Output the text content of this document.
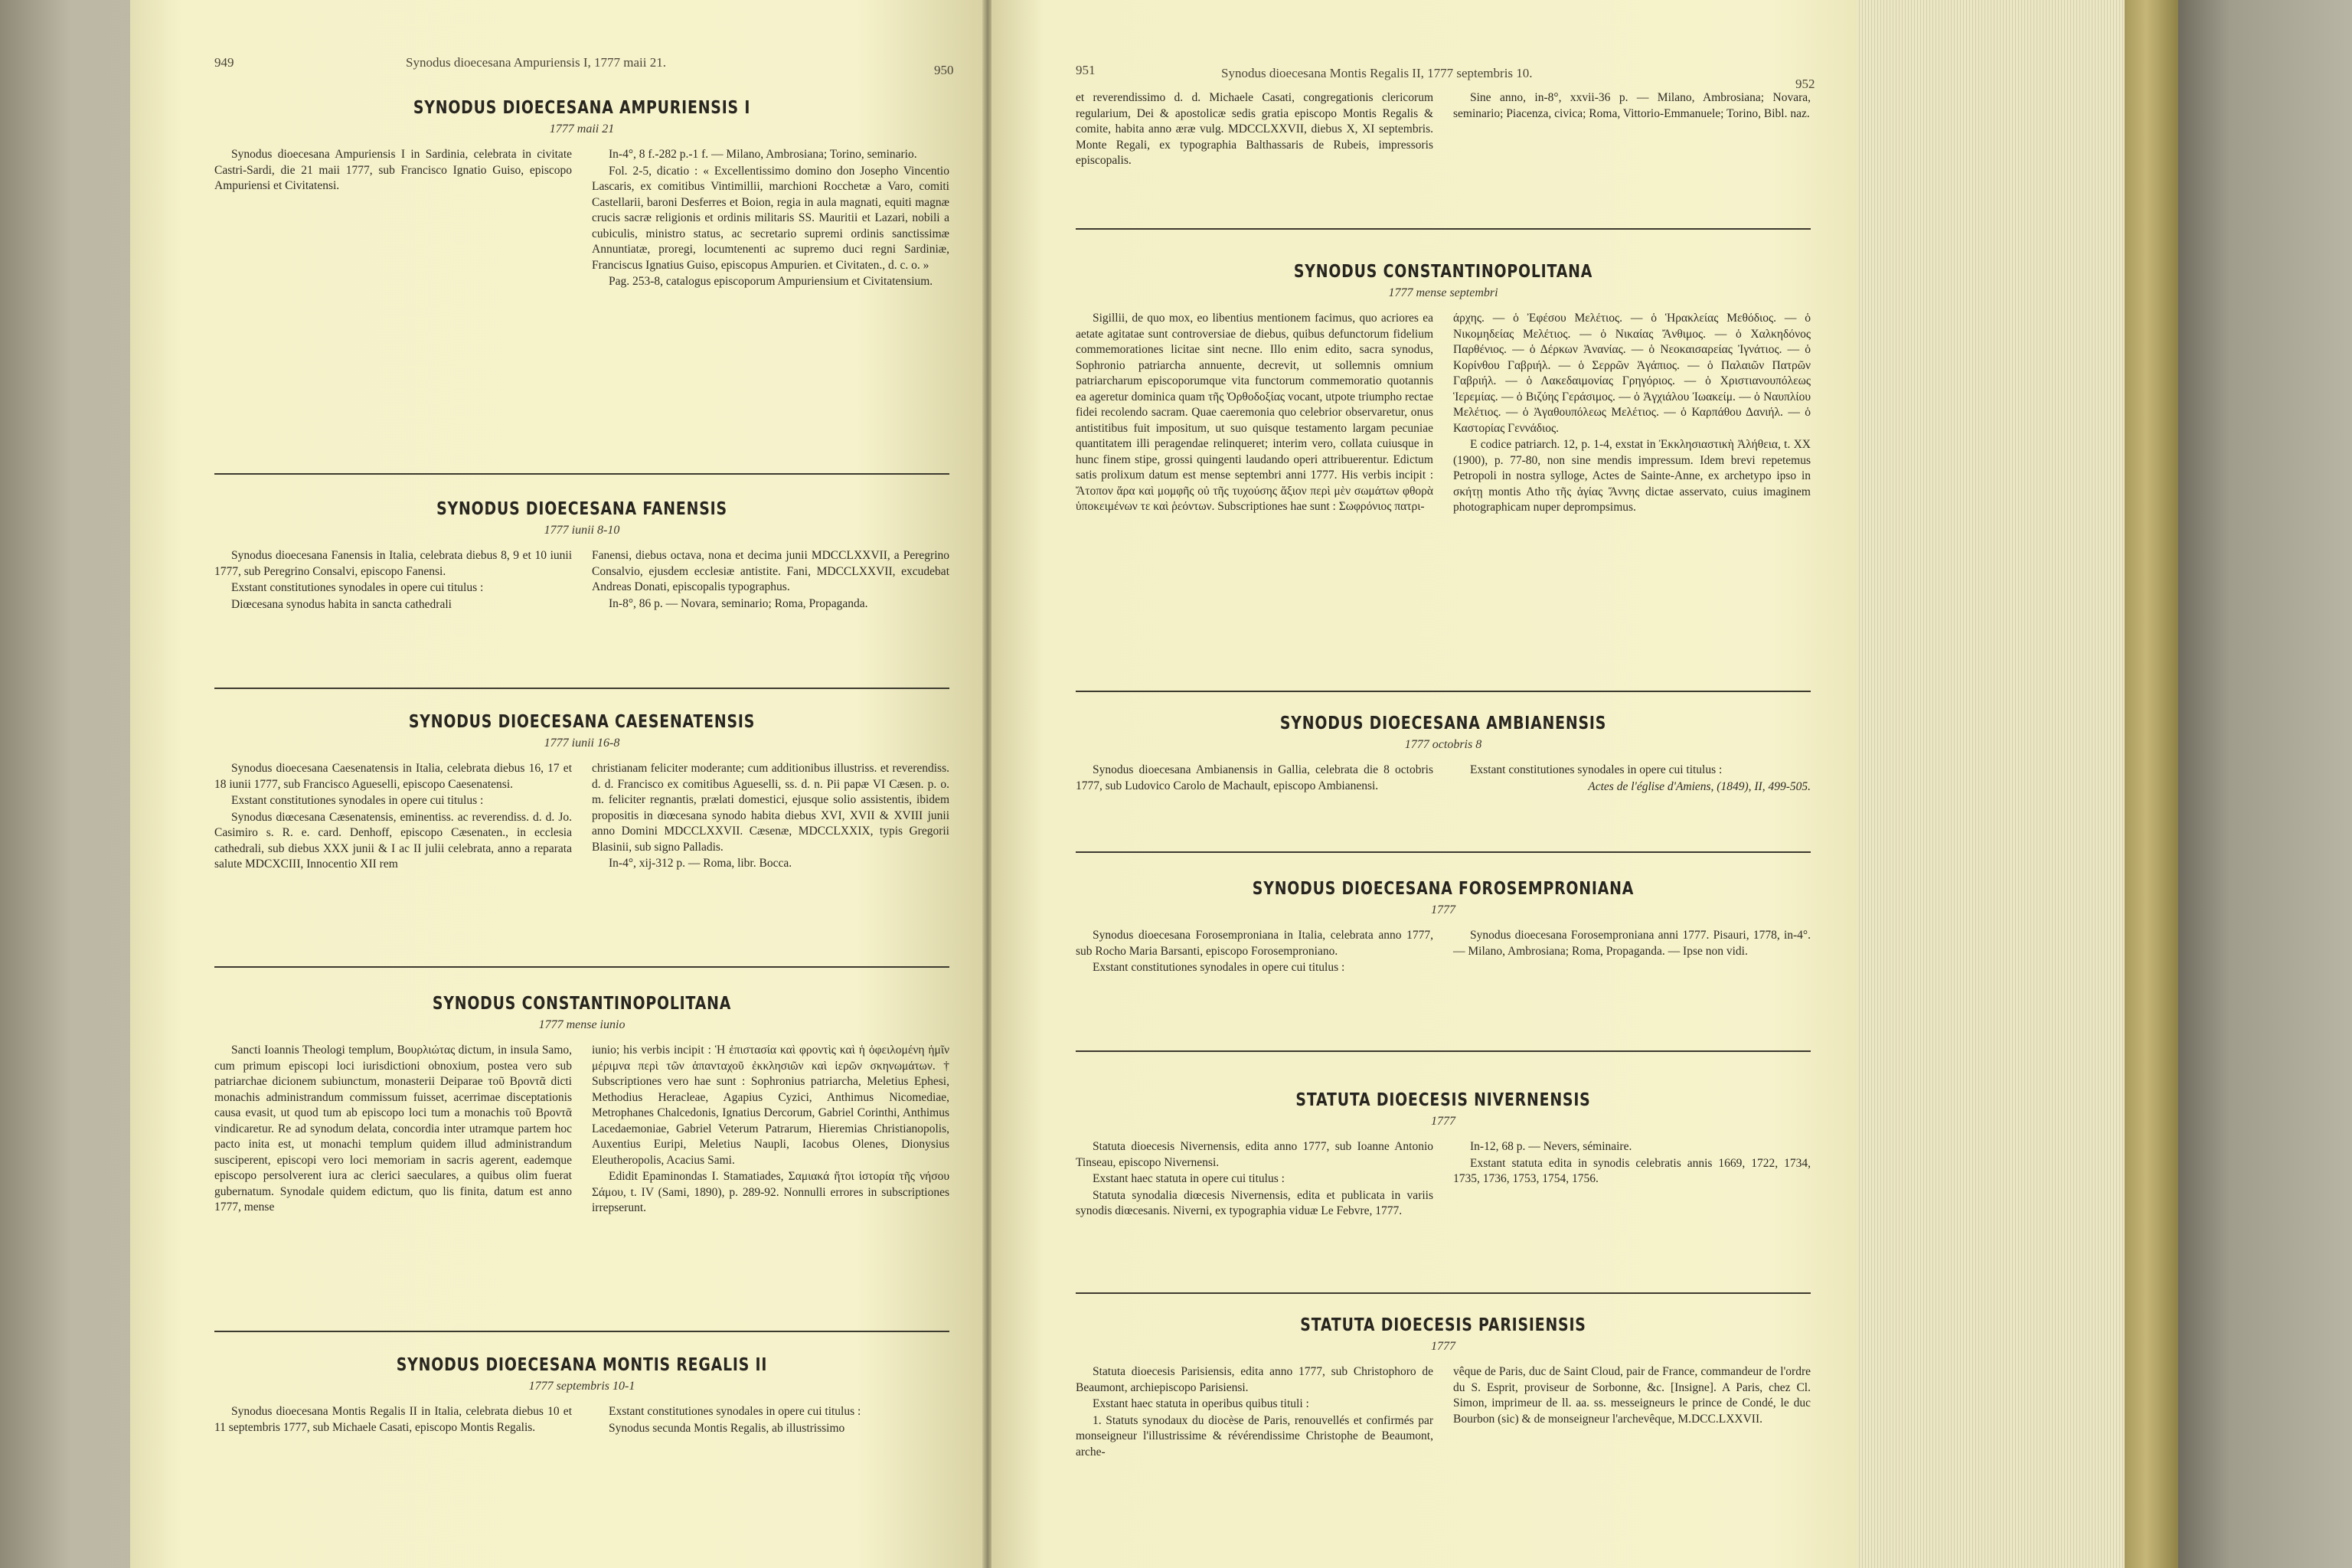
949	Synodus dioecesana Ampuriensis I, 1777 maii 21.
950
SYNODUS DIOECESANA AMPURIENSIS I
1777 maii 21

Synodus dioecesana Ampuriensis I in Sardinia, celebrata in civitate Castri-Sardi, die 21 maii 1777, sub Francisco Ignatio Guiso, episcopo Ampuriensi et Civitatensi.

In-4°, 8 f.-282 p.-1 f. — Milano, Ambrosiana; Torino, seminario.

Fol. 2-5, dicatio : « Excellentissimo domino don Josepho Vincentio Lascaris, ex comitibus Vintimillii, marchioni Rocchetæ a Varo, comiti Castellarii, baroni Desferres et Boion, regia in aula magnati, equiti magnæ crucis sacræ religionis et ordinis militaris SS. Mauritii et Lazari, nobili a cubiculis, ministro status, ac secretario supremi ordinis sanctissimæ Annuntiatæ, proregi, locumtenenti ac supremo duci regni Sardiniæ, Franciscus Ignatius Guiso, episcopus Ampurien. et Civitaten., d. c. o. »

Pag. 253-8, catalogus episcoporum Ampuriensium et Civitatensium.

SYNODUS DIOECESANA FANENSIS
1777 iunii 8-10

Synodus dioecesana Fanensis in Italia, celebrata diebus 8, 9 et 10 iunii 1777, sub Peregrino Consalvi, episcopo Fanensi.

Exstant constitutiones synodales in opere cui titulus :

Diœcesana synodus habita in sancta cathedrali

Fanensi, diebus octava, nona et decima junii MDCCLXXVII, a Peregrino Consalvio, ejusdem ecclesiæ antistite. Fani, MDCCLXXVII, excudebat Andreas Donati, episcopalis typographus.

In-8°, 86 p. — Novara, seminario; Roma, Propaganda.

SYNODUS DIOECESANA CAESENATENSIS
1777 iunii 16-8

Synodus dioecesana Caesenatensis in Italia, celebrata diebus 16, 17 et 18 iunii 1777, sub Francisco Agueselli, episcopo Caesenatensi.

Exstant constitutiones synodales in opere cui titulus :

Synodus diœcesana Cæsenatensis, eminentiss. ac reverendiss. d. d. Jo. Casimiro s. R. e. card. Denhoff, episcopo Cæsenaten., in ecclesia cathedrali, sub diebus XXX junii & I ac II julii celebrata, anno a reparata salute MDCXCIII, Innocentio XII rem

christianam feliciter moderante; cum additionibus illustriss. et reverendiss. d. d. Francisco ex comitibus Agueselli, ss. d. n. Pii papæ VI Cæsen. p. o. m. feliciter regnantis, prælati domestici, ejusque solio assistentis, ibidem propositis in diœcesana synodo habita diebus XVI, XVII & XVIII junii anno Domini MDCCLXXVII. Cæsenæ, MDCCLXXIX, typis Gregorii Blasinii, sub signo Palladis.

In-4°, xij-312 p. — Roma, libr. Bocca.

SYNODUS CONSTANTINOPOLITANA
1777 mense iunio

Sancti Ioannis Theologi templum, Βουρλιώτας dictum, in insula Samo, cum primum episcopi loci iurisdictioni obnoxium, postea vero sub patriarchae dicionem subiunctum, monasterii Deiparae τοῦ Βροντᾶ dicti monachis administrandum commissum fuisset, acerrimae disceptationis causa evasit, ut quod tum ab episcopo loci tum a monachis τοῦ Βροντᾶ vindicaretur. Re ad synodum delata, concordia inter utramque partem hoc pacto inita est, ut monachi templum quidem illud administrandum susciperent, episcopi vero loci memoriam in sacris agerent, eademque episcopo persolverent iura ac clerici saeculares, a quibus olim fuerat gubernatum. Synodale quidem edictum, quo lis finita, datum est anno 1777, mense

iunio; his verbis incipit : Ἡ ἐπιστασία καὶ φροντὶς καὶ ἡ ὀφειλομένη ἡμῖν μέριμνα περὶ τῶν ἁπανταχοῦ ἐκκλησιῶν καὶ ἱερῶν σκηνωμάτων. † Subscriptiones vero hae sunt : Sophronius patriarcha, Meletius Ephesi, Methodius Heracleae, Agapius Cyzici, Anthimus Nicomediae, Metrophanes Chalcedonis, Ignatius Dercorum, Gabriel Corinthi, Anthimus Lacedaemoniae, Gabriel Veterum Patrarum, Hieremias Christianopolis, Auxentius Euripi, Meletius Naupli, Iacobus Olenes, Dionysius Eleutheropolis, Acacius Sami.

Edidit Epaminondas I. Stamatiades, Σαμιακά ἤτοι ἱστορία τῆς νήσου Σάμου, t. IV (Sami, 1890), p. 289-92. Nonnulli errores in subscriptiones irrepserunt.

SYNODUS DIOECESANA MONTIS REGALIS II
1777 septembris 10-1

Synodus dioecesana Montis Regalis II in Italia, celebrata diebus 10 et 11 septembris 1777, sub Michaele Casati, episcopo Montis Regalis.

Exstant constitutiones synodales in opere cui titulus :

Synodus secunda Montis Regalis, ab illustrissimo

951	Synodus dioecesana Montis Regalis II, 1777 septembris 10.
952

et reverendissimo d. d. Michaele Casati, congregationis clericorum regularium, Dei & apostolicæ sedis gratia episcopo Montis Regalis & comite, habita anno æræ vulg. MDCCLXXVII, diebus X, XI septembris. Monte Regali, ex typographia Balthassaris de Rubeis, impressoris episcopalis.

Sine anno, in-8°, xxvii-36 p. — Milano, Ambrosiana; Novara, seminario; Piacenza, civica; Roma, Vittorio-Emmanuele; Torino, Bibl. naz.

SYNODUS CONSTANTINOPOLITANA
1777 mense septembri

Sigillii, de quo mox, eo libentius mentionem facimus, quo acriores ea aetate agitatae sunt controversiae de diebus, quibus defunctorum fidelium commemorationes licitae sint necne. Illo enim edito, sacra synodus, Sophronio patriarcha annuente, decrevit, ut sollemnis omnium patriarcharum episcoporumque vita functorum commemoratio quotannis ea ageretur dominica quam τῆς Ὀρθοδοξίας vocant, utpote triumpho rectae fidei recolendo sacram. Quae caeremonia quo celebrior observaretur, onus antistitibus fuit impositum, ut suo quisque testamento largam pecuniae quantitatem illi peragendae relinqueret; interim vero, collata cuiusque in hunc finem stipe, grossi quingenti laudando operi attribuerentur. Edictum satis prolixum datum est mense septembri anni 1777. His verbis incipit : Ἄτοπον ἄρα καὶ μομφῆς οὐ τῆς τυχούσης ἄξιον περὶ μὲν σωμάτων φθορὰ ὑποκειμένων τε καὶ ῥεόντων. Subscriptiones hae sunt : Σωφρόνιος πατρι-

άρχης. — ὁ Ἐφέσου Μελέτιος. — ὁ Ἡρακλείας Μεθόδιος. — ὁ Νικομηδείας Μελέτιος. — ὁ Νικαίας Ἄνθιμος. — ὁ Χαλκηδόνος Παρθένιος. — ὁ Δέρκων Ἀνανίας. — ὁ Νεοκαισαρείας Ἰγνάτιος. — ὁ Κορίνθου Γαβριήλ. — ὁ Σερρῶν Ἀγάπιος. — ὁ Παλαιῶν Πατρῶν Γαβριήλ. — ὁ Λακεδαιμονίας Γρηγόριος. — ὁ Χριστιανουπόλεως Ἱερεμίας. — ὁ Βιζύης Γεράσιμος. — ὁ Ἀγχιάλου Ἰωακείμ. — ὁ Ναυπλίου Μελέτιος. — ὁ Ἀγαθουπόλεως Μελέτιος. — ὁ Καρπάθου Δανιήλ. — ὁ Καστορίας Γεννάδιος.

E codice patriarch. 12, p. 1-4, exstat in Ἐκκλησιαστικὴ Ἀλήθεια, t. XX (1900), p. 77-80, non sine mendis impressum. Idem brevi repetemus Petropoli in nostra sylloge, Actes de Sainte-Anne, ex archetypo ipso in σκήτῃ montis Atho τῆς ἁγίας Ἄννης dictae asservato, cuius imaginem photographicam nuper deprompsimus.

SYNODUS DIOECESANA AMBIANENSIS
1777 octobris 8

Synodus dioecesana Ambianensis in Gallia, celebrata die 8 octobris 1777, sub Ludovico Carolo de Machault, episcopo Ambianensi.

Exstant constitutiones synodales in opere cui titulus :

Actes de l'église d'Amiens, (1849), II, 499-505.

SYNODUS DIOECESANA FOROSEMPRONIANA
1777

Synodus dioecesana Forosemproniana in Italia, celebrata anno 1777, sub Rocho Maria Barsanti, episcopo Forosemproniano.

Exstant constitutiones synodales in opere cui titulus :

Synodus dioecesana Forosemproniana anni 1777. Pisauri, 1778, in-4°. — Milano, Ambrosiana; Roma, Propaganda. — Ipse non vidi.

STATUTA DIOECESIS NIVERNENSIS
1777

Statuta dioecesis Nivernensis, edita anno 1777, sub Ioanne Antonio Tinseau, episcopo Nivernensi.

Exstant haec statuta in opere cui titulus :

Statuta synodalia diœcesis Nivernensis, edita et publicata in variis synodis diœcesanis. Niverni, ex typographia viduæ Le Febvre, 1777.

In-12, 68 p. — Nevers, séminaire.

Exstant statuta edita in synodis celebratis annis 1669, 1722, 1734, 1735, 1736, 1753, 1754, 1756.

STATUTA DIOECESIS PARISIENSIS
1777

Statuta dioecesis Parisiensis, edita anno 1777, sub Christophoro de Beaumont, archiepiscopo Parisiensi.

Exstant haec statuta in operibus quibus tituli :

1. Statuts synodaux du diocèse de Paris, renouvellés et confirmés par monseigneur l'illustrissime & révérendissime Christophe de Beaumont, arche-

vêque de Paris, duc de Saint Cloud, pair de France, commandeur de l'ordre du S. Esprit, proviseur de Sorbonne, &c. [Insigne]. A Paris, chez Cl. Simon, imprimeur de ll. aa. ss. messeigneurs le prince de Condé, le duc Bourbon (sic) & de monseigneur l'archevêque, M.DCC.LXXVII.
